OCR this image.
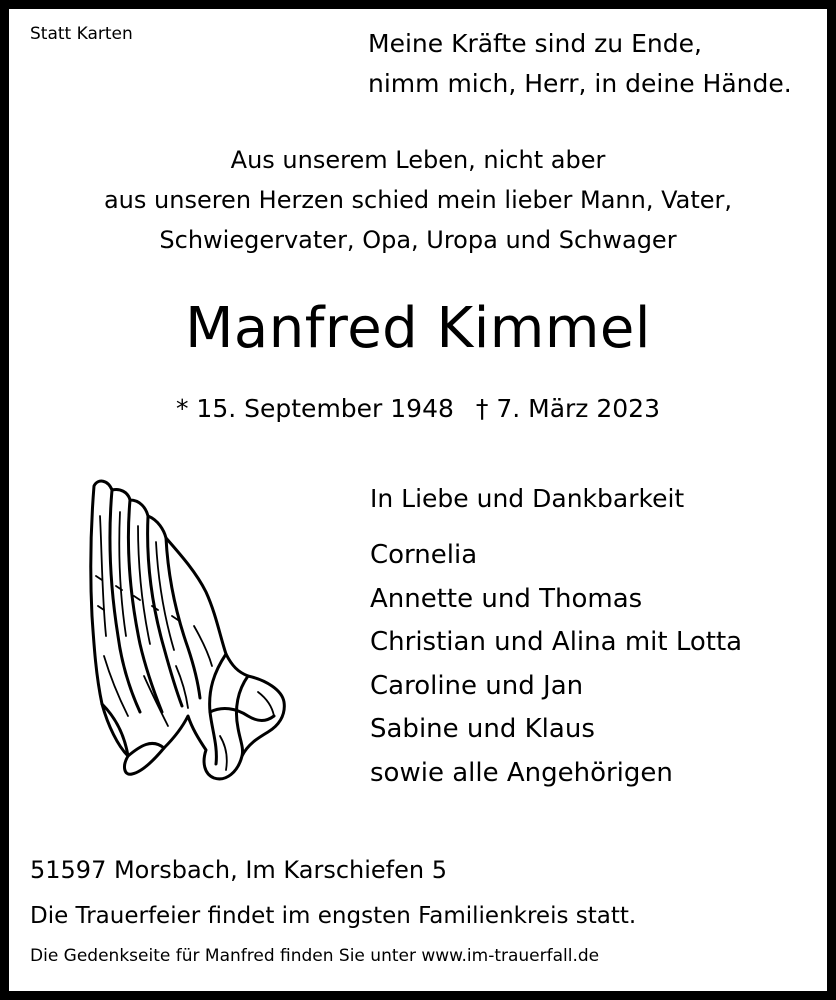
Statt Karten	Meine Kräfte sind zu Ende,
nimm mich, Herr, in deine Hände.
Aus unserem Leben, nicht aber
aus unseren Herzen schied mein lieber Mann, Vater,
Schwiegervater, Opa, Uropa und Schwager
Manfred Kimmel
* 15. September 1948 † 7. März 2023
In Liebe und Dankbarkeit
Cornelia
Annette und Thomas
Christian und Alina mit Lotta
Caroline und Jan
Sabine und Klaus
sowie alle Angehörigen
51597 Morsbach, Im Karschiefen 5
Die Trauerfeier findet im engsten Familienkreis statt.
Die Gedenkseite für Manfred finden Sie unter www.im-trauerfall.de
